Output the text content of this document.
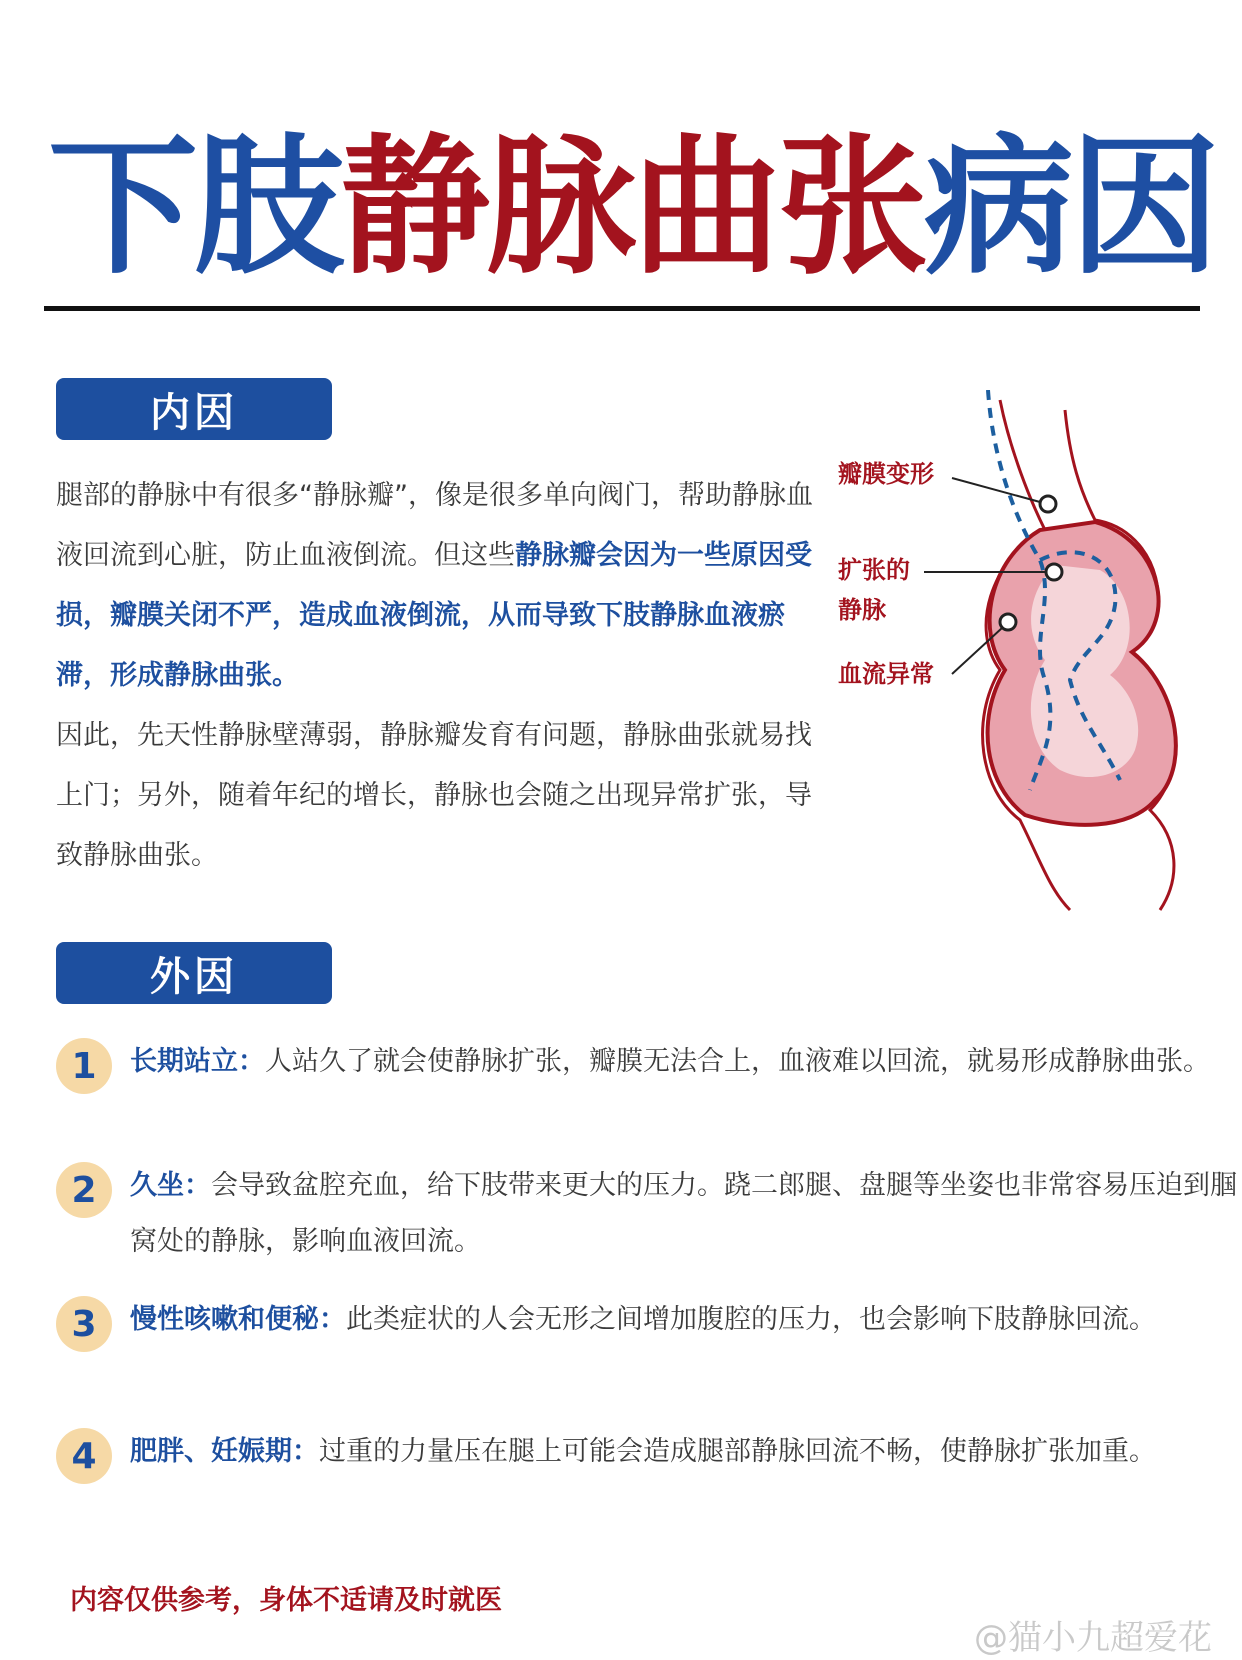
下肢静脉曲张病因
内因

腿部的静脉中有很多“静脉瓣”，像是很多单向阀门，帮助静脉血液回流到心脏，防止血液倒流。但这些静脉瓣会因为一些原因受损，瓣膜关闭不严，造成血液倒流，从而导致下肢静脉血液瘀滞，形成静脉曲张。

因此，先天性静脉壁薄弱，静脉瓣发育有问题，静脉曲张就易找上门；另外，随着年纪的增长，静脉也会随之出现异常扩张，导致静脉曲张。

瓣膜变形
扩张的
静脉
血流异常
外因
1	长期站立：人站久了就会使静脉扩张，瓣膜无法合上，血液难以回流，就易形成静脉曲张。

2	久坐：会导致盆腔充血，给下肢带来更大的压力。跷二郎腿、盘腿等坐姿也非常容易压迫到腘窝处的静脉，影响血液回流。

3	慢性咳嗽和便秘：此类症状的人会无形之间增加腹腔的压力，也会影响下肢静脉回流。

4	肥胖、妊娠期：过重的力量压在腿上可能会造成腿部静脉回流不畅，使静脉扩张加重。

内容仅供参考，身体不适请及时就医
@猫小九超爱花
